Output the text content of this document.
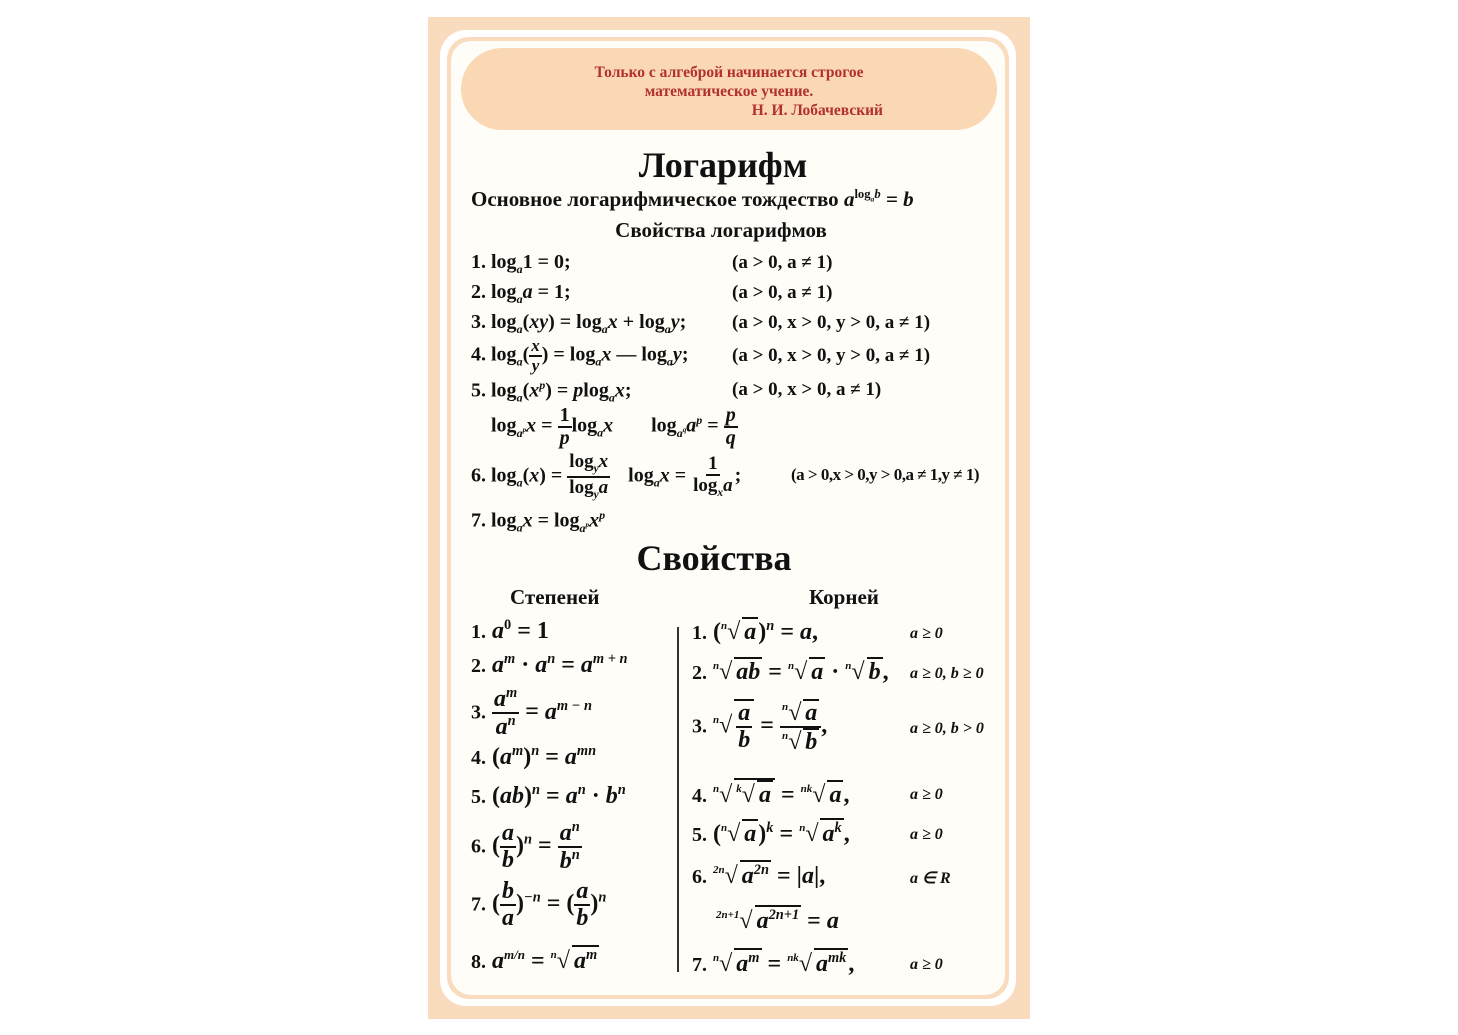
Только с алгеброй начинается строгое
математическое учение.
Н. И. Лобачевский
Логарифм
Основное логарифмическое тождество $a^{log_ab} = b$
Свойства логарифмов
1. $\log_a1 = 0$;	(a > 0, a ≠ 1)
2. $\log_aa = 1$;	(a > 0, a ≠ 1)
3. $\log_a(xy) = \log_ax + \log_ay$; (a > 0, x > 0, y > 0, a ≠ 1)
4. $\log_a( \frac{x}{y}$ ) = $\log_ax$ — $\log_ay$; (a > 0, x > 0, y > 0, a ≠ 1)
5. $\log_a(x^p) = plog_ax$;	(a > 0, x > 0, a ≠ 1)
$\log_{a^p}x = \frac{1}{p} \log_ax$  $\log_{a^q}a^p = \frac{p}{q}$
6. $\log_a(x) = \frac{\log_yx}{\log_ya} \log_ax = \frac{1}{\log_xa}$ ;	(a > 0,x > 0,y > 0,a ≠ 1,y ≠ 1)
7. $\log_ax = \log_{a^p}x^p$
Свойства
Степеней	Корней
1. $a^0 = 1$
2. $a^m \cdot a^n = a^{m + n}$
3. $\frac{a^m}{a^n} = a^{m - n}$
4. $(a^m)^n = a^{mn}$
5. $(ab)^n = a^n \cdot b^n$
6. ( $\frac{a}{b} )^n = \frac{a^n}{b^n}$
7. ( $\frac{b}{a} )^{-n}$ = ( $\frac{a}{b} )^n$
8. $a^{m/n} = ^n√$ $a^m$
1. ($^n$√ a)$^n$ = a,	a ≥ 0
2. $^n$√ ab = $^n$√ a · $^n$√ b, a ≥ 0, b ≥ 0
3. $^n√ \frac{a}{b} = \frac{^n√ a}{^n√ b}$ ,	a ≥ 0, b > 0
4. $^n$√ $^k$√ a = $^{nk}$√ a,	a ≥ 0
5. ($^n$√ a)$^k$ = $^n$√ $a^k$,	a ≥ 0
6. $^{2n}$√ $a^{2n} = |a|$,	a ∈ R
$^{2n+1}$√ $a^{2n+1} = a$
7. $^n$√ $a^m = ^{nk}√$ $a^{mk}$,	a ≥ 0
